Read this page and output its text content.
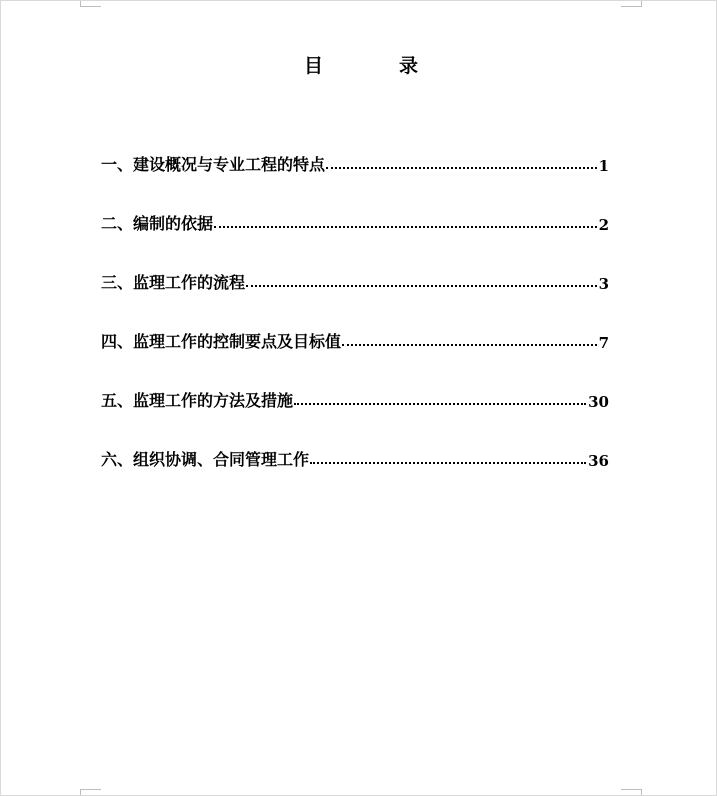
目	录
一、建设概况与专业工程的特点	1
二、编制的依据	2
三、监理工作的流程	3
四、监理工作的控制要点及目标值	7
五、监理工作的方法及措施	30
六、组织协调、合同管理工作	36
